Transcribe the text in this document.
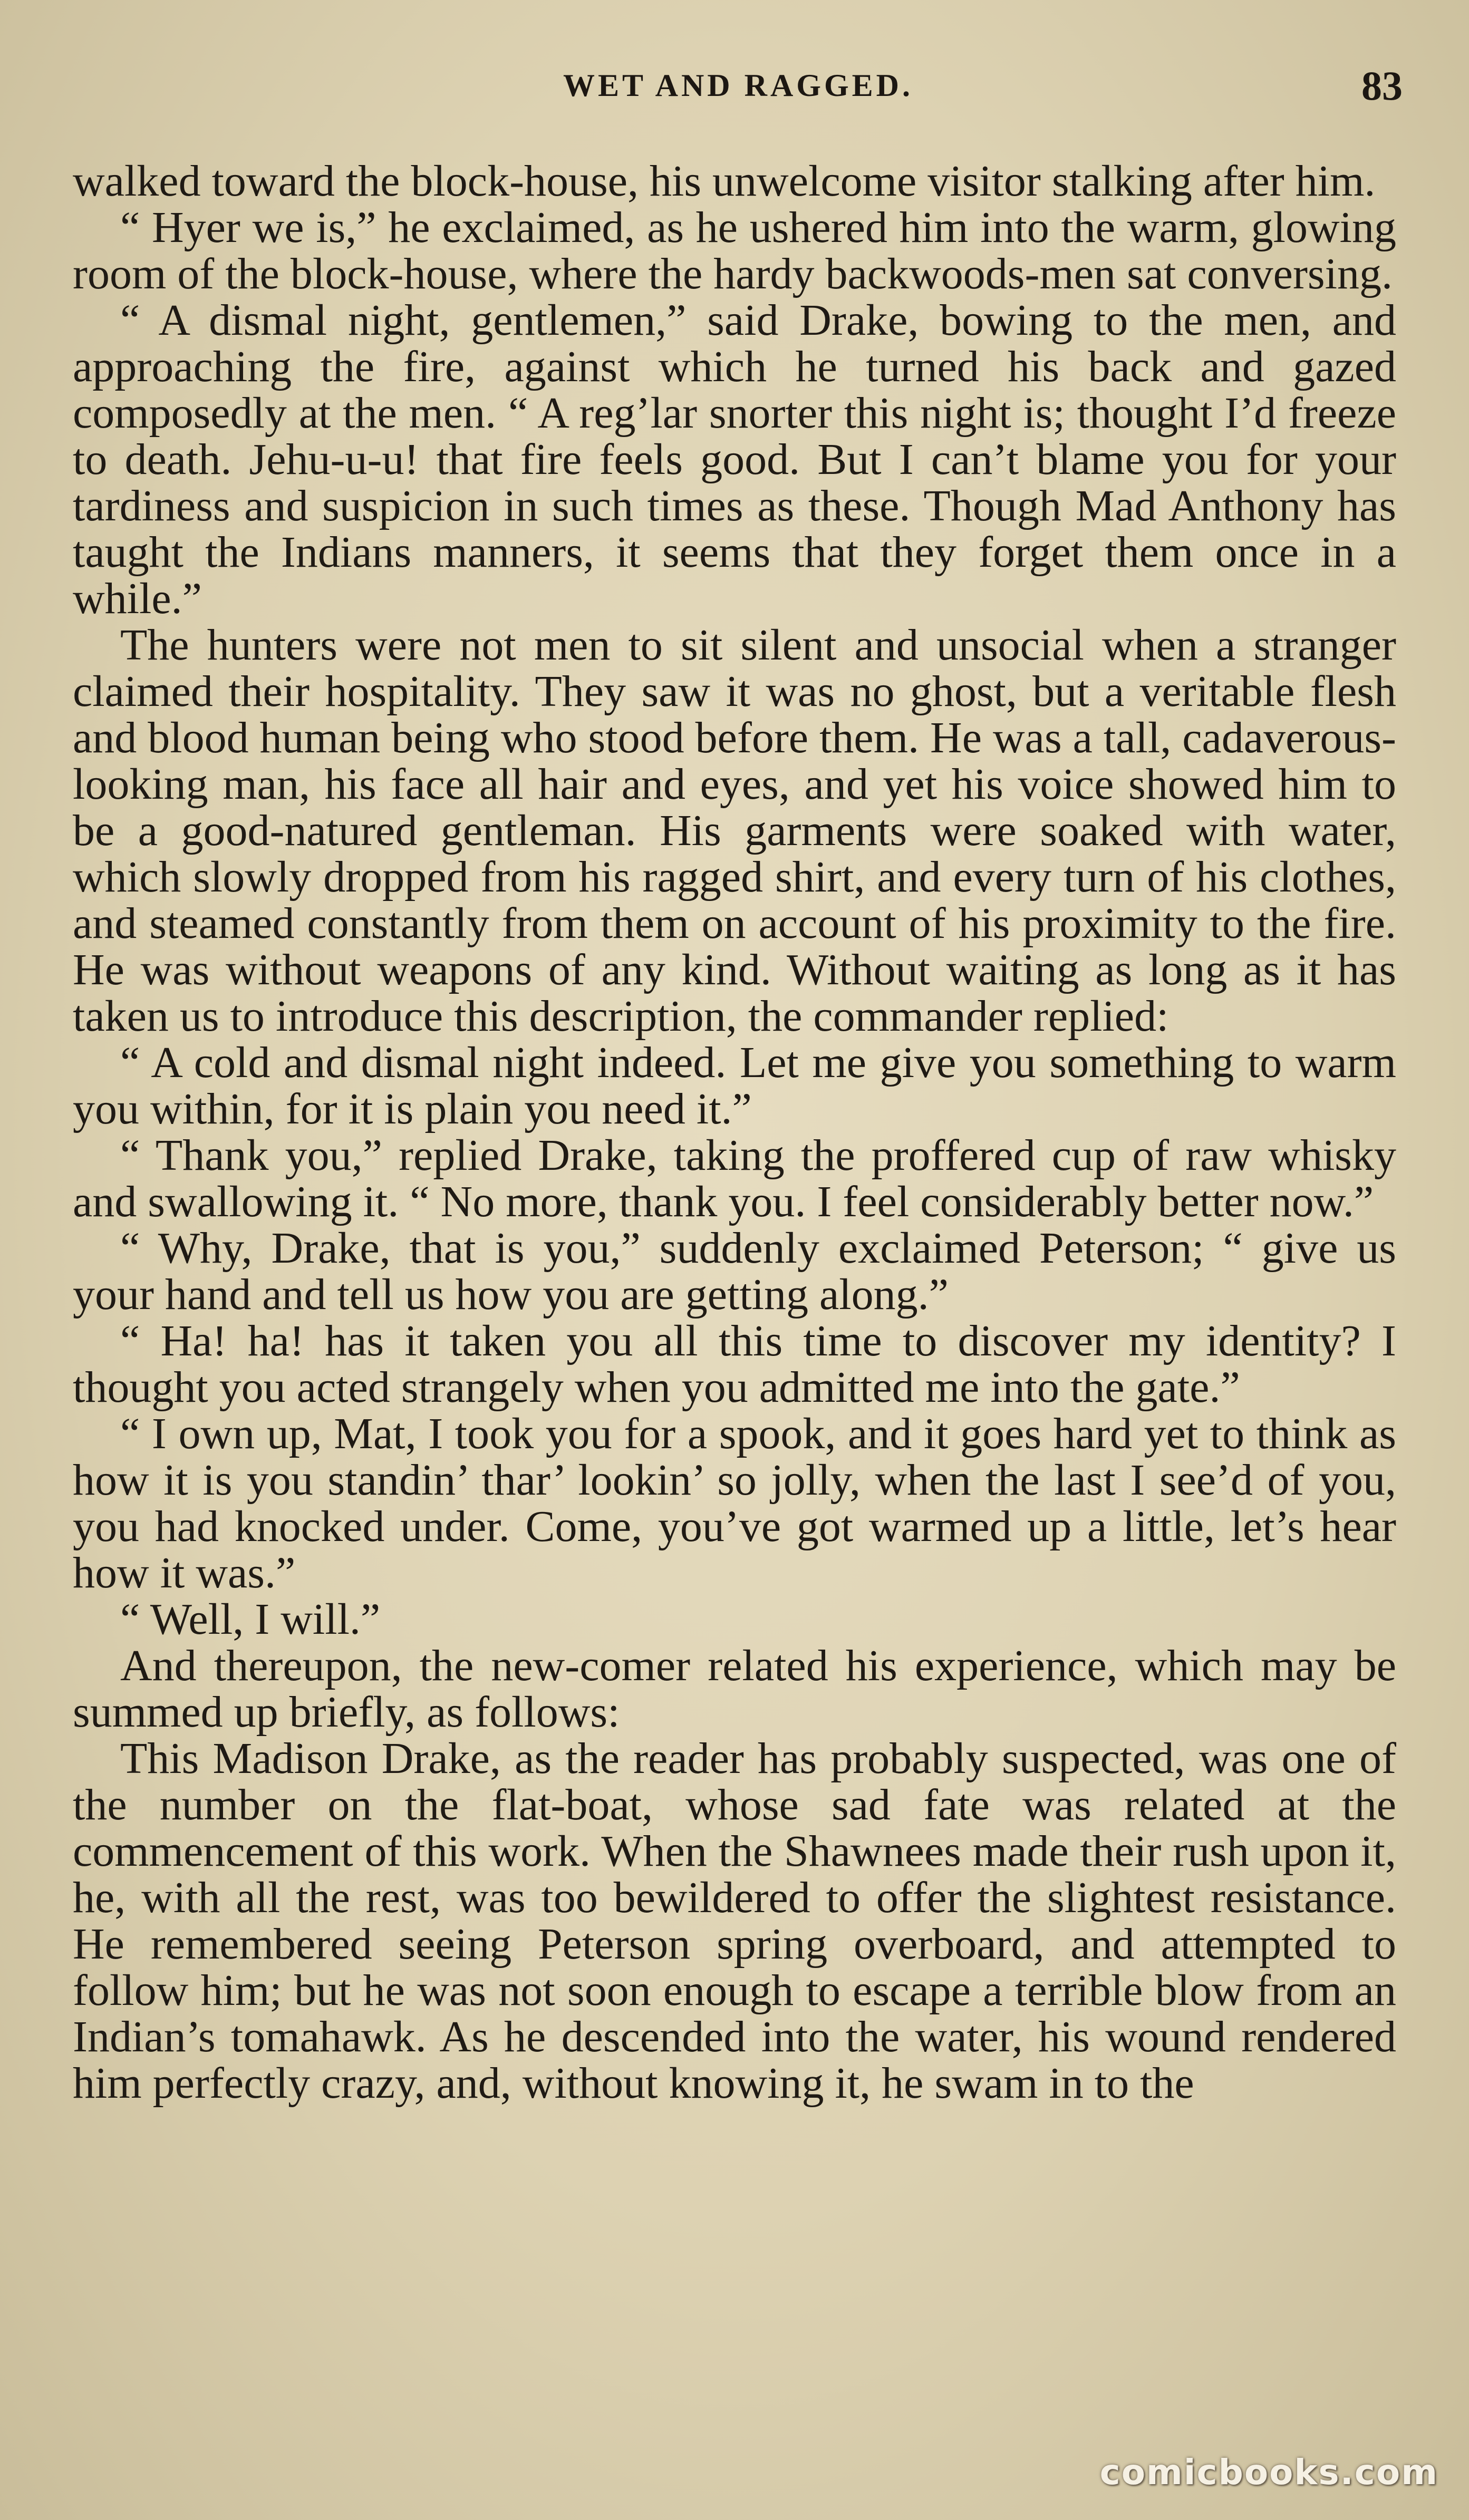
WET AND RAGGED.	83

walked toward the block-house, his unwelcome visitor stalking after him.

“ Hyer we is,” he exclaimed, as he ushered him into the warm, glowing room of the block-house, where the hardy backwoods-men sat conversing.

“ A dismal night, gentlemen,” said Drake, bowing to the men, and approaching the fire, against which he turned his back and gazed composedly at the men. “ A reg’lar snorter this night is; thought I’d freeze to death. Jehu-u-u! that fire feels good. But I can’t blame you for your tardiness and suspicion in such times as these. Though Mad Anthony has taught the Indians manners, it seems that they forget them once in a while.”

The hunters were not men to sit silent and unsocial when a stranger claimed their hospitality. They saw it was no ghost, but a veritable flesh and blood human being who stood before them. He was a tall, cadaverous-looking man, his face all hair and eyes, and yet his voice showed him to be a good-natured gentleman. His garments were soaked with water, which slowly dropped from his ragged shirt, and every turn of his clothes, and steamed constantly from them on account of his proximity to the fire. He was without weapons of any kind. Without waiting as long as it has taken us to introduce this description, the commander replied:

“ A cold and dismal night indeed. Let me give you something to warm you within, for it is plain you need it.”

“ Thank you,” replied Drake, taking the proffered cup of raw whisky and swallowing it. “ No more, thank you. I feel considerably better now.”

“ Why, Drake, that is you,” suddenly exclaimed Peterson; “ give us your hand and tell us how you are getting along.”

“ Ha! ha! has it taken you all this time to discover my identity? I thought you acted strangely when you admitted me into the gate.”

“ I own up, Mat, I took you for a spook, and it goes hard yet to think as how it is you standin’ thar’ lookin’ so jolly, when the last I see’d of you, you had knocked under. Come, you’ve got warmed up a little, let’s hear how it was.”

“ Well, I will.”

And thereupon, the new-comer related his experience, which may be summed up briefly, as follows:

This Madison Drake, as the reader has probably suspected, was one of the number on the flat-boat, whose sad fate was related at the commencement of this work. When the Shawnees made their rush upon it, he, with all the rest, was too bewildered to offer the slightest resistance. He remembered seeing Peterson spring overboard, and attempted to follow him; but he was not soon enough to escape a terrible blow from an Indian’s tomahawk. As he descended into the water, his wound rendered him perfectly crazy, and, without knowing it, he swam in to the

comicbooks.com
